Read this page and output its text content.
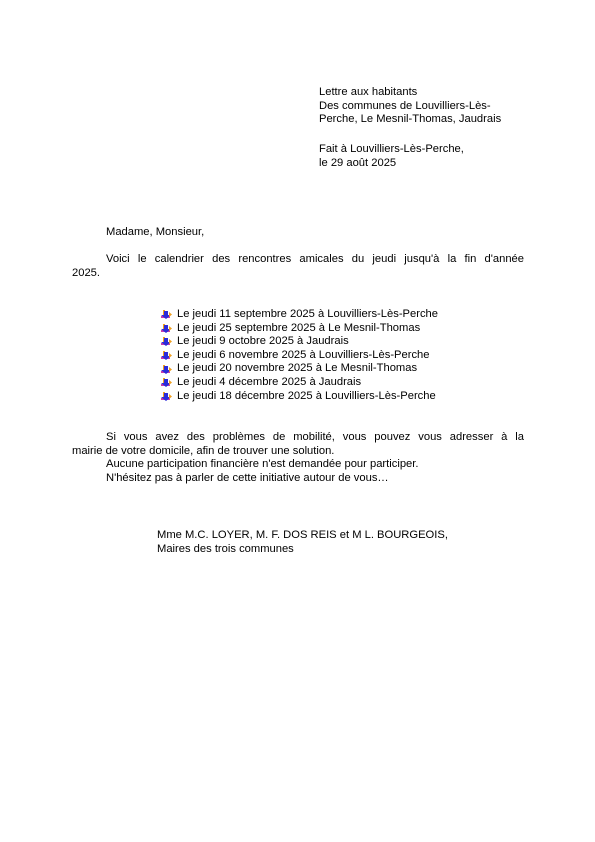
Lettre aux habitants
Des communes de Louvilliers-Lès-
Perche, Le Mesnil-Thomas, Jaudrais
Fait à Louvilliers-Lès-Perche,
le 29 août 2025
Madame, Monsieur,
Voici le calendrier des rencontres amicales du jeudi jusqu'à la fin d'année
2025.
Le jeudi 11 septembre 2025 à Louvilliers-Lès-Perche
Le jeudi 25 septembre 2025 à Le Mesnil-Thomas
Le jeudi 9 octobre 2025 à Jaudrais
Le jeudi 6 novembre 2025 à Louvilliers-Lès-Perche
Le jeudi 20 novembre 2025 à Le Mesnil-Thomas
Le jeudi 4 décembre 2025 à Jaudrais
Le jeudi 18 décembre 2025 à Louvilliers-Lès-Perche

Si vous avez des problèmes de mobilité, vous pouvez vous adresser à la

mairie de votre domicile, afin de trouver une solution.

Aucune participation financière n'est demandée pour participer.

N'hésitez pas à parler de cette initiative autour de vous…

Mme M.C. LOYER, M. F. DOS REIS et M L. BOURGEOIS,
Maires des trois communes
